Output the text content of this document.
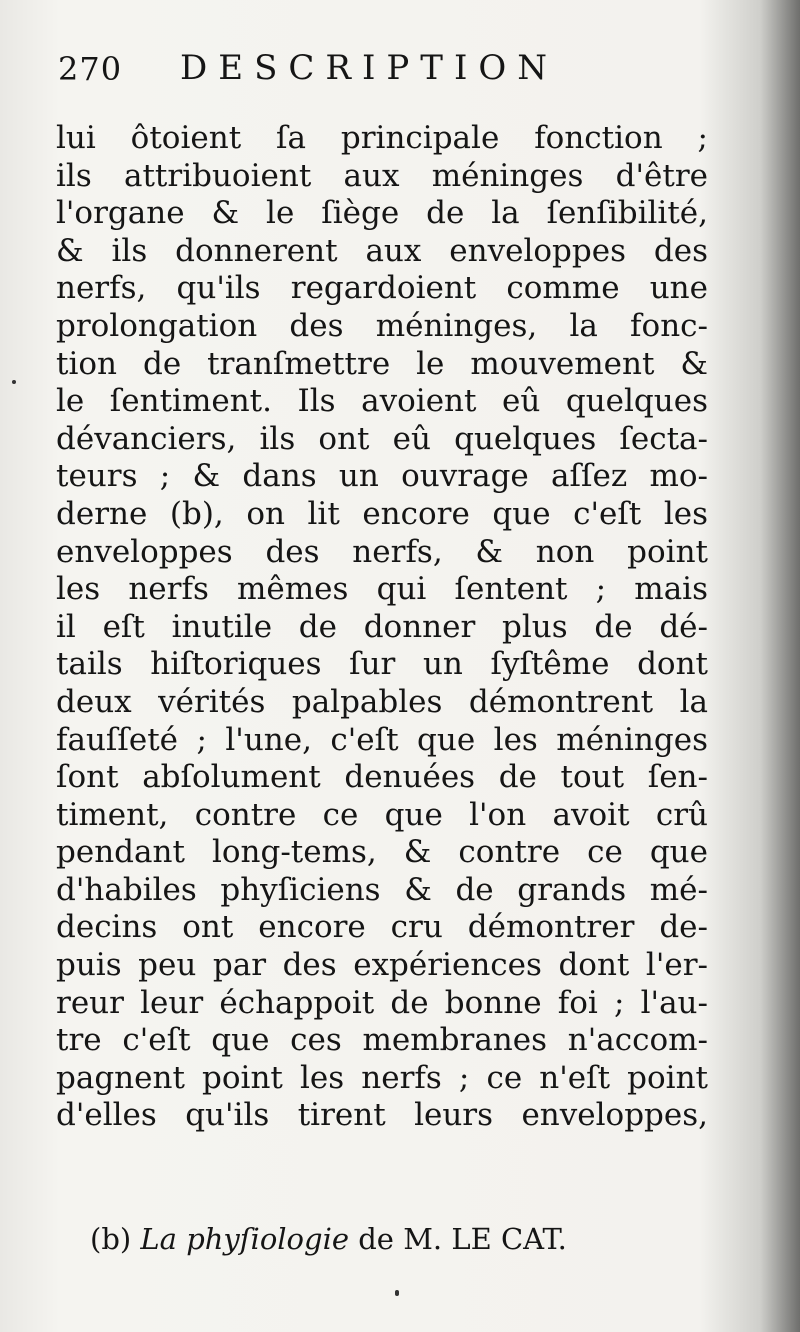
270 DESCRIPTION
lui ôtoient ſa principale fonction ;
ils attribuoient aux méninges d'être
l'organe & le ſiège de la ſenſibilité,
& ils donnerent aux enveloppes des
nerfs, qu'ils regardoient comme une
prolongation des méninges, la fonc-
tion de tranſmettre le mouvement &
le ſentiment. Ils avoient eû quelques
dévanciers, ils ont eû quelques ſecta-
teurs ; & dans un ouvrage aſſez mo-
derne (b), on lit encore que c'eſt les
enveloppes des nerfs, & non point
les nerfs mêmes qui ſentent ; mais
il eſt inutile de donner plus de dé-
tails hiſtoriques ſur un ſyſtême dont
deux vérités palpables démontrent la
fauſſeté ; l'une, c'eſt que les méninges
ſont abſolument denuées de tout ſen-
timent, contre ce que l'on avoit crû
pendant long-tems, & contre ce que
d'habiles phyſiciens & de grands mé-
decins ont encore cru démontrer de-
puis peu par des expériences dont l'er-
reur leur échappoit de bonne foi ; l'au-
tre c'eſt que ces membranes n'accom-
pagnent point les nerfs ; ce n'eſt point
d'elles qu'ils tirent leurs enveloppes,
(b) La phyſiologie de M. LE CAT.
